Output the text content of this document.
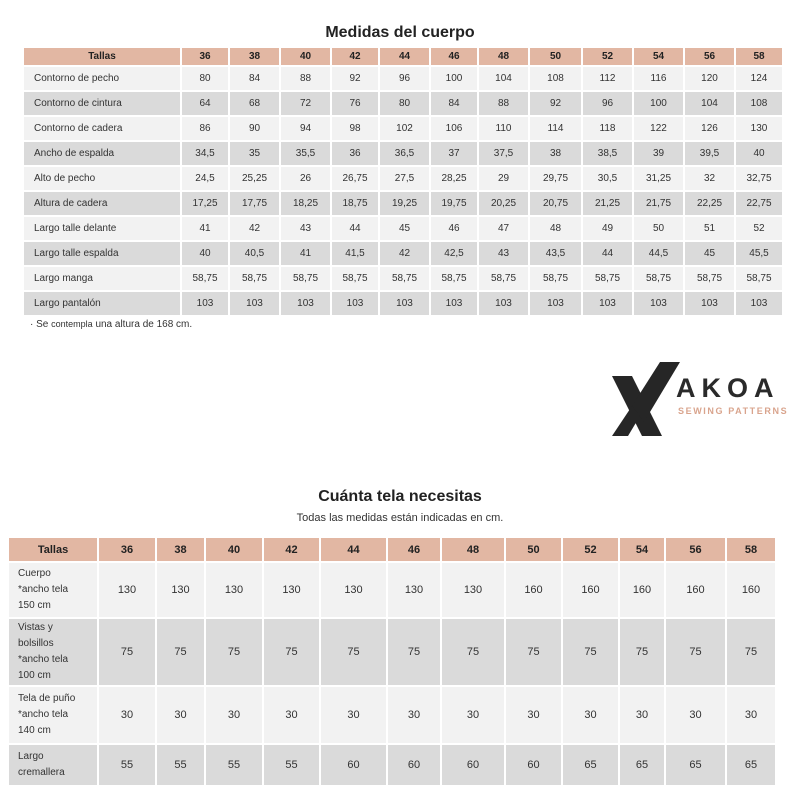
Medidas del cuerpo
Tallas	36	38	40	42	44	46	48	50	52	54	56	58
Contorno de pecho	80	84	88	92	96	100	104	108	112	116	120	124
Contorno de cintura	64	68	72	76	80	84	88	92	96	100	104	108
Contorno de cadera	86	90	94	98	102	106	110	114	118	122	126	130
Ancho de espalda	34,5	35	35,5	36	36,5	37	37,5	38	38,5	39	39,5	40
Alto de pecho	24,5	25,25	26	26,75	27,5	28,25	29	29,75	30,5	31,25	32	32,75
Altura de cadera	17,25	17,75	18,25	18,75	19,25	19,75	20,25	20,75	21,25	21,75	22,25	22,75
Largo talle delante	41	42	43	44	45	46	47	48	49	50	51	52
Largo talle espalda	40	40,5	41	41,5	42	42,5	43	43,5	44	44,5	45	45,5
Largo manga	58,75	58,75	58,75	58,75	58,75	58,75	58,75	58,75	58,75	58,75	58,75	58,75
Largo pantalón	103	103	103	103	103	103	103	103	103	103	103	103
· Se contempla una altura de 168 cm.
AKOA
SEWING PATTERNS
Cuánta tela necesitas
Todas las medidas están indicadas en cm.
Tallas	36	38	40	42	44	46	48	50	52	54	56	58

Cuerpo
*ancho tela
150 cm	130	130	130	130	130	130	130	160	160	160	160	160

Vistas y
bolsillos
*ancho tela
100 cm	75	75	75	75	75	75	75	75	75	75	75	75

Tela de puño
*ancho tela
140 cm	30	30	30	30	30	30	30	30	30	30	30	30

Largo
cremallera	55	55	55	55	60	60	60	60	65	65	65	65
